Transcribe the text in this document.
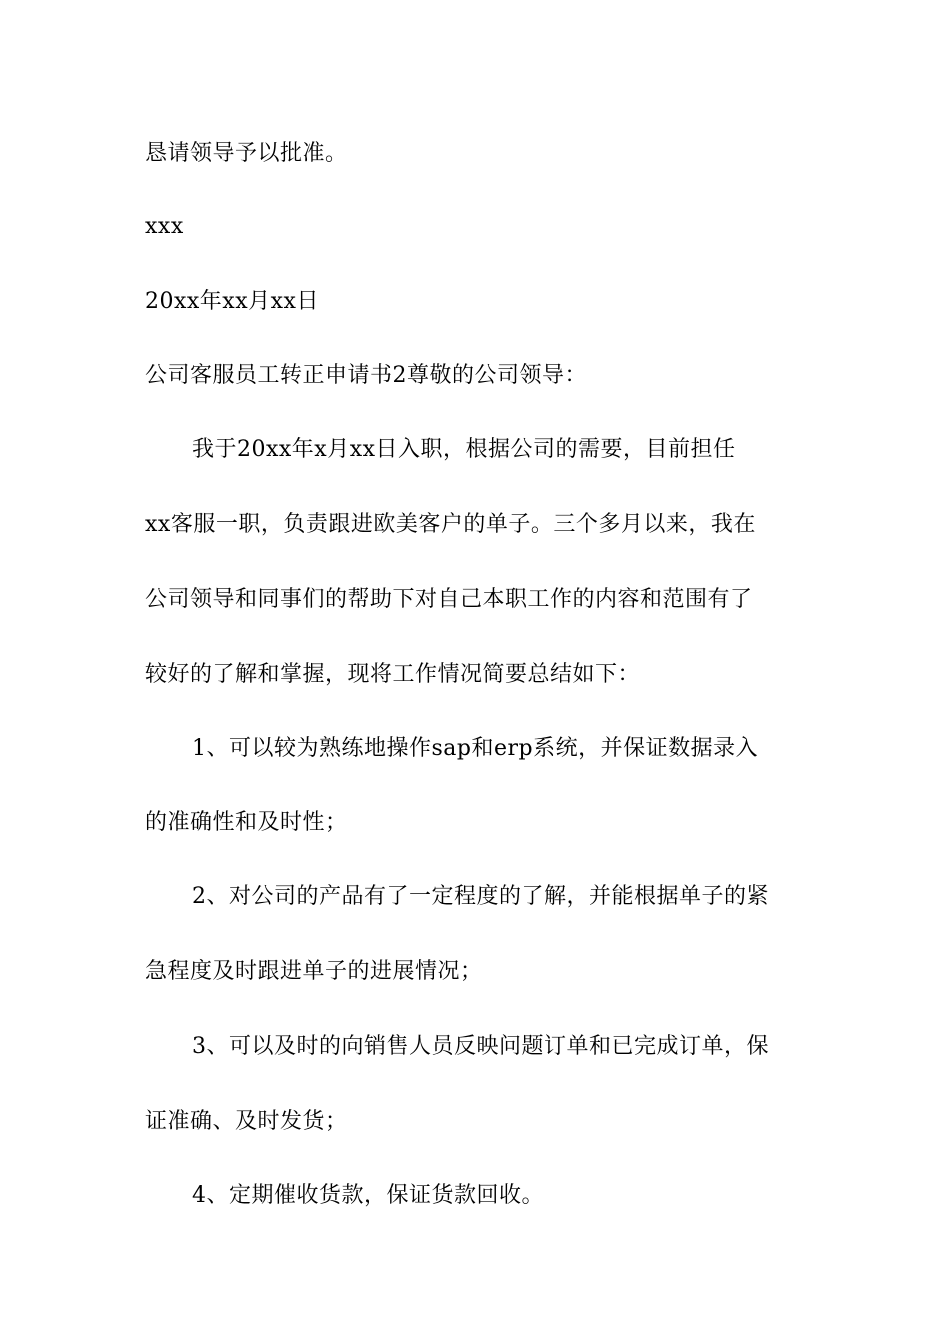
恳请领导予以批准。
xxx
20xx年xx月xx日
公司客服员工转正申请书2尊敬的公司领导：
我于20xx年x月xx日入职，根据公司的需要，目前担任
xx客服一职，负责跟进欧美客户的单子。三个多月以来，我在
公司领导和同事们的帮助下对自己本职工作的内容和范围有了
较好的了解和掌握，现将工作情况简要总结如下：
1、可以较为熟练地操作sap和erp系统，并保证数据录入
的准确性和及时性；
2、对公司的产品有了一定程度的了解，并能根据单子的紧
急程度及时跟进单子的进展情况；
3、可以及时的向销售人员反映问题订单和已完成订单，保
证准确、及时发货；
4、定期催收货款，保证货款回收。
